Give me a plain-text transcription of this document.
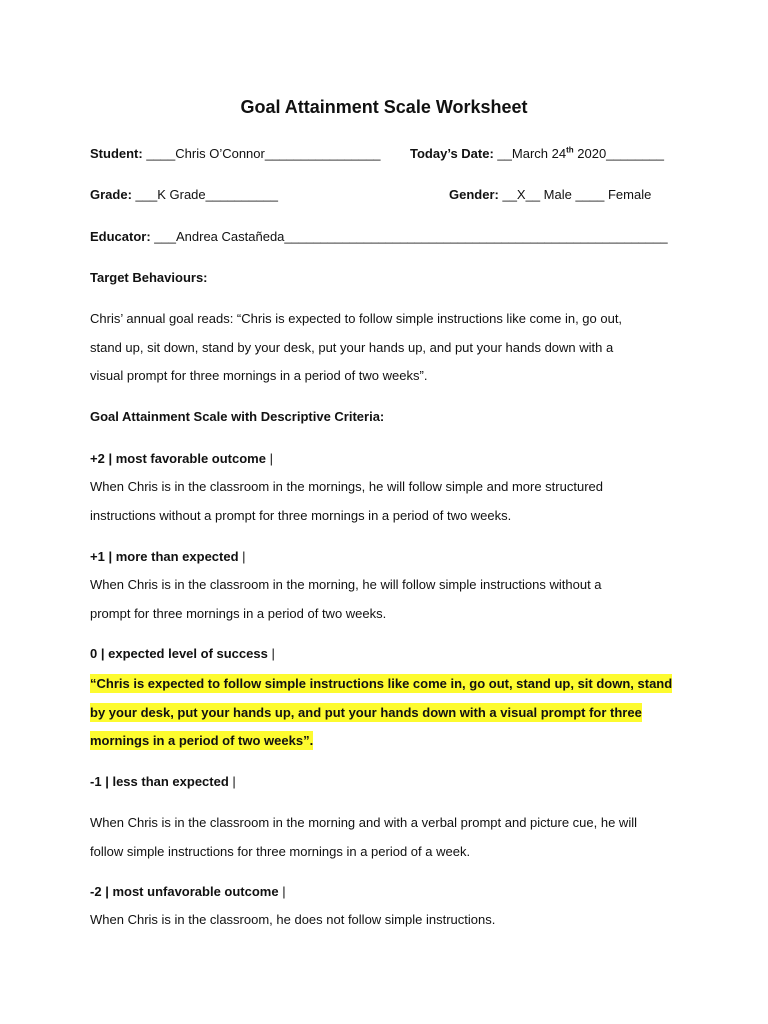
Goal Attainment Scale Worksheet
Student: ____Chris O’Connor________________ Today’s Date: __March 24th 2020________
Grade: ___K Grade__________	Gender: __X__ Male ____ Female
Educator: ___Andrea Castañeda_____________________________________________________
Target Behaviours:
Chris’ annual goal reads: “Chris is expected to follow simple instructions like come in, go out,
stand up, sit down, stand by your desk, put your hands up, and put your hands down with a
visual prompt for three mornings in a period of two weeks”.
Goal Attainment Scale with Descriptive Criteria:
+2 | most favorable outcome |
When Chris is in the classroom in the mornings, he will follow simple and more structured
instructions without a prompt for three mornings in a period of two weeks.
+1 | more than expected |
When Chris is in the classroom in the morning, he will follow simple instructions without a
prompt for three mornings in a period of two weeks.
0 | expected level of success |
“Chris is expected to follow simple instructions like come in, go out, stand up, sit down, stand
by your desk, put your hands up, and put your hands down with a visual prompt for three
mornings in a period of two weeks”.
-1 | less than expected |
When Chris is in the classroom in the morning and with a verbal prompt and picture cue, he will
follow simple instructions for three mornings in a period of a week.
-2 | most unfavorable outcome |
When Chris is in the classroom, he does not follow simple instructions.
